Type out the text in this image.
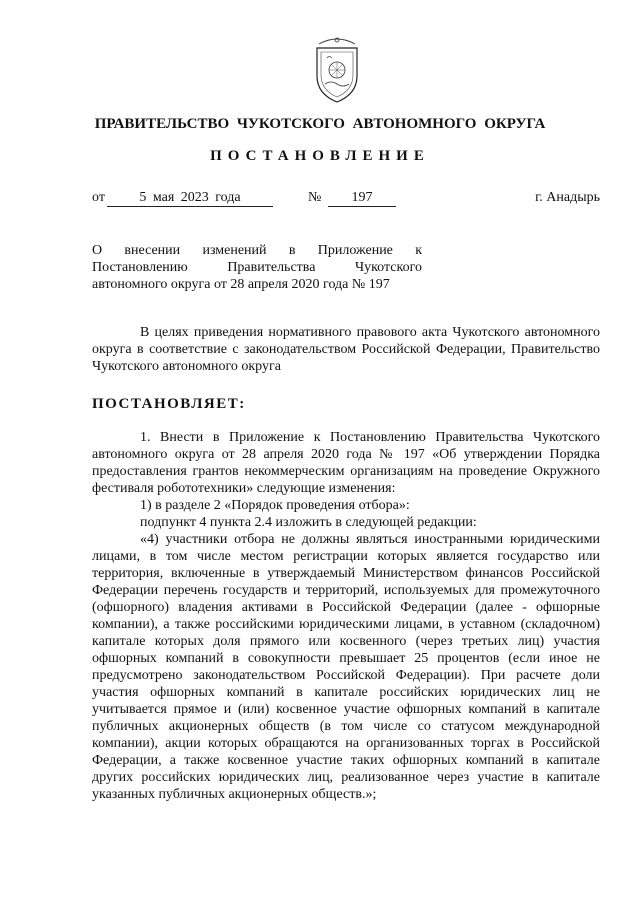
ПРАВИТЕЛЬСТВО ЧУКОТСКОГО АВТОНОМНОГО ОКРУГА
ПОСТАНОВЛЕНИЕ
от	5 мая 2023 года	№	197	г. Анадырь
О внесении изменений в Приложение к
Постановлению Правительства Чукотского
автономного округа от 28 апреля 2020 года № 197

В целях приведения нормативного правового акта Чукотского автономного округа в соответствие с законодательством Российской Федерации, Правительство Чукотского автономного округа

ПОСТАНОВЛЯЕТ:

1. Внести в Приложение к Постановлению Правительства Чукотского автономного округа от 28 апреля 2020 года № 197 «Об утверждении Порядка предоставления грантов некоммерческим организациям на проведение Окружного фестиваля робототехники» следующие изменения:

1) в разделе 2 «Порядок проведения отбора»:

подпункт 4 пункта 2.4 изложить в следующей редакции:

«4) участники отбора не должны являться иностранными юридическими лицами, в том числе местом регистрации которых является государство или территория, включенные в утверждаемый Министерством финансов Российской Федерации перечень государств и территорий, используемых для промежуточного (офшорного) владения активами в Российской Федерации (далее - офшорные компании), а также российскими юридическими лицами, в уставном (складочном) капитале которых доля прямого или косвенного (через третьих лиц) участия офшорных компаний в совокупности превышает 25 процентов (если иное не предусмотрено законодательством Российской Федерации). При расчете доли участия офшорных компаний в капитале российских юридических лиц не учитывается прямое и (или) косвенное участие офшорных компаний в капитале публичных акционерных обществ (в том числе со статусом международной компании), акции которых обращаются на организованных торгах в Российской Федерации, а также косвенное участие таких офшорных компаний в капитале других российских юридических лиц, реализованное через участие в капитале указанных публичных акционерных обществ.»;
